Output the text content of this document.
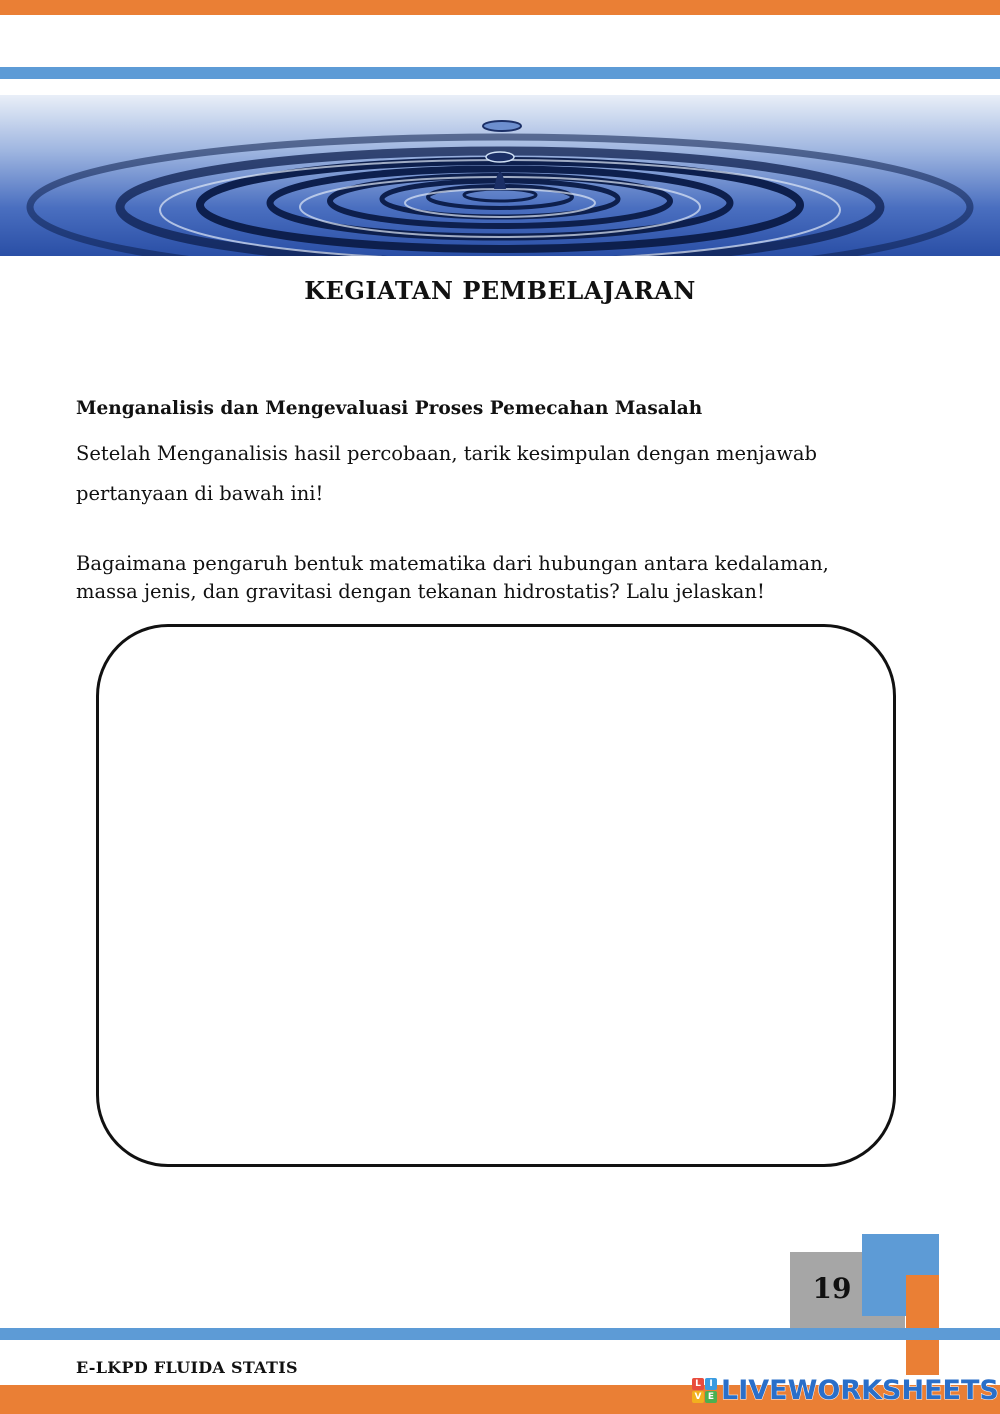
KEGIATAN PEMBELAJARAN
Menganalisis dan Mengevaluasi Proses Pemecahan Masalah
Setelah Menganalisis hasil percobaan, tarik kesimpulan dengan menjawab pertanyaan di bawah ini!
Bagaimana pengaruh bentuk matematika dari hubungan antara kedalaman, massa jenis, dan gravitasi dengan tekanan hidrostatis? Lalu jelaskan!
19
E-LKPD FLUIDA STATIS
L I
V E LIVEWORKSHEETS
